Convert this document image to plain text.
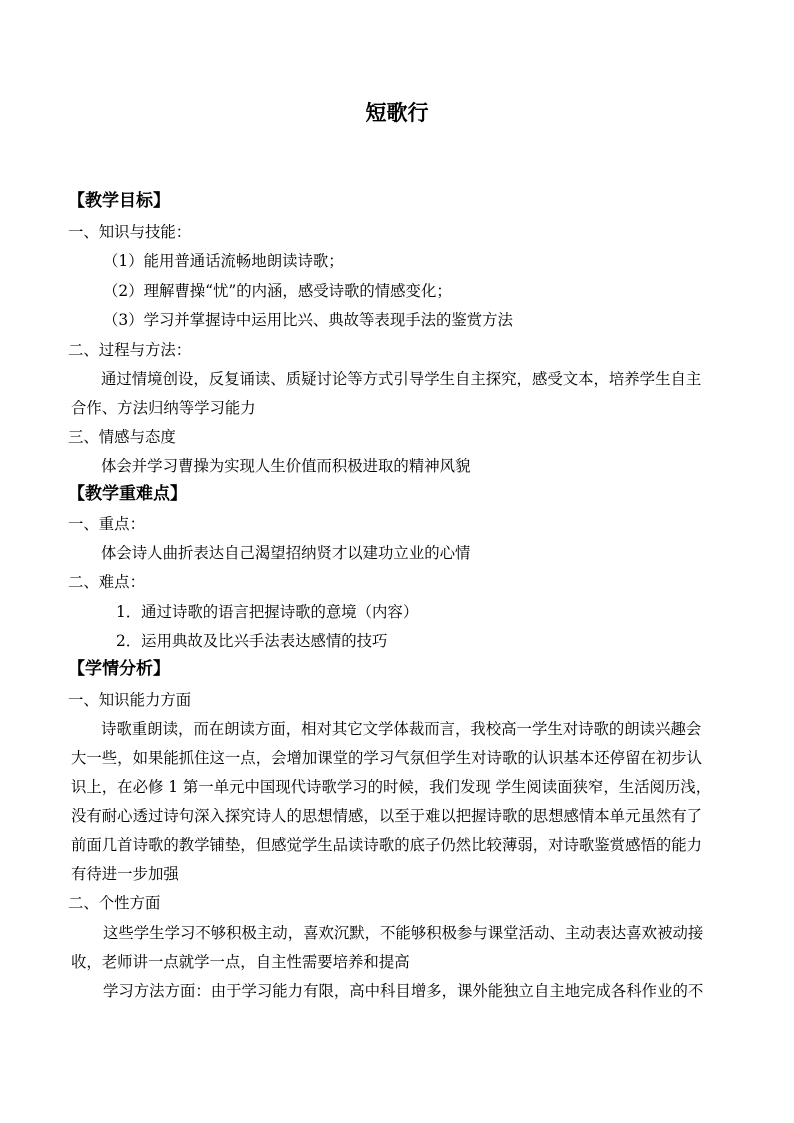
短歌行
【教学目标】
一、知识与技能：
（1）能用普通话流畅地朗读诗歌；
（2）理解曹操“忧”的内涵，感受诗歌的情感变化；
（3）学习并掌握诗中运用比兴、典故等表现手法的鉴赏方法
二、过程与方法：
通过情境创设，反复诵读、质疑讨论等方式引导学生自主探究，感受文本，培养学生自主
合作、方法归纳等学习能力
三、情感与态度
体会并学习曹操为实现人生价值而积极进取的精神风貌
【教学重难点】
一、重点：
体会诗人曲折表达自己渴望招纳贤才以建功立业的心情
二、难点：
1．通过诗歌的语言把握诗歌的意境（内容）
2．运用典故及比兴手法表达感情的技巧
【学情分析】
一、知识能力方面
诗歌重朗读，而在朗读方面，相对其它文学体裁而言，我校高一学生对诗歌的朗读兴趣会
大一些，如果能抓住这一点，会增加课堂的学习气氛但学生对诗歌的认识基本还停留在初步认
识上，在必修 1 第一单元中国现代诗歌学习的时候，我们发现 学生阅读面狭窄，生活阅历浅，
没有耐心透过诗句深入探究诗人的思想情感，以至于难以把握诗歌的思想感情本单元虽然有了
前面几首诗歌的教学铺垫，但感觉学生品读诗歌的底子仍然比较薄弱，对诗歌鉴赏感悟的能力
有待进一步加强
二、个性方面
这些学生学习不够积极主动，喜欢沉默，不能够积极参与课堂活动、主动表达喜欢被动接
收，老师讲一点就学一点，自主性需要培养和提高
学习方法方面：由于学习能力有限，高中科目增多，课外能独立自主地完成各科作业的不
